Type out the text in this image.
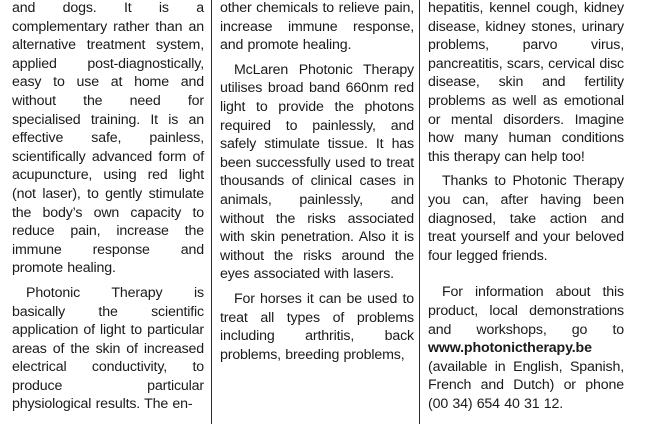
and dogs. It is a complementary rather than an alternative treatment system, applied post-diagnostically, easy to use at home and without the need for specialised training. It is an effective safe, painless, scientifically advanced form of acupuncture, using red light (not laser), to gently stimulate the body’s own capacity to reduce pain, increase the immune response and promote healing.

Photonic Therapy is basically the scientific application of light to particular areas of the skin of increased electrical conductivity, to produce particular physiological results. The en-

other chemicals to relieve pain, increase immune response, and promote healing.

McLaren Photonic Therapy utilises broad band 660nm red light to provide the photons required to painlessly, and safely stimulate tissue. It has been successfully used to treat thousands of clinical cases in animals, painlessly, and without the risks associated with skin penetration. Also it is without the risks around the eyes associated with lasers.

For horses it can be used to treat all types of problems including arthritis, back problems, breeding problems,

hepatitis, kennel cough, kidney disease, kidney stones, urinary problems, parvo virus, pancreatitis, scars, cervical disc disease, skin and fertility problems as well as emotional or mental disorders. Imagine how many human conditions this therapy can help too!

Thanks to Photonic Therapy you can, after having been diagnosed, take action and treat yourself and your beloved four legged friends.

For information about this product, local demonstrations and workshops, go to www.photonictherapy.be (available in English, Spanish, French and Dutch) or phone (00 34) 654 40 31 12.
